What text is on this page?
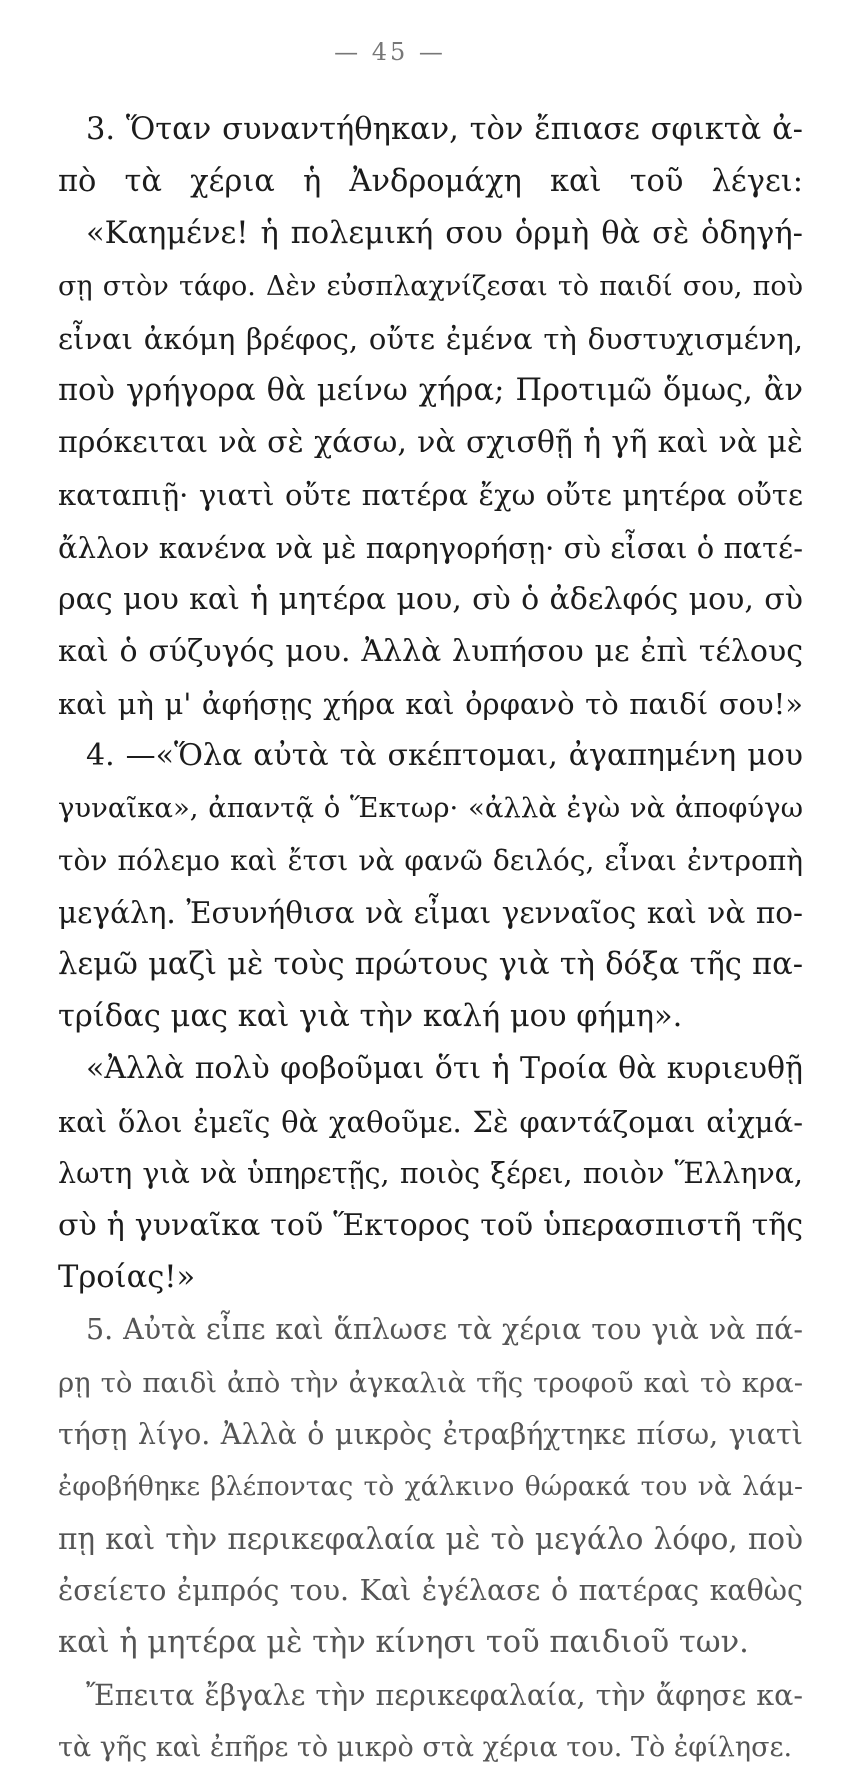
— 45 —
3. Ὅταν συναντήθηκαν, τὸν ἔπιασε σφικτὰ ἀ-
πὸ τὰ χέρια ἡ Ἀνδρομάχη καὶ τοῦ λέγει:
«Καημένε! ἡ πολεμική σου ὁρμὴ θὰ σὲ ὁδηγή-
σῃ στὸν τάφο. Δὲν εὐσπλαχνίζεσαι τὸ παιδί σου, ποὺ
εἶναι ἀκόμη βρέφος, οὔτε ἐμένα τὴ δυστυχισμένη,
ποὺ γρήγορα θὰ μείνω χήρα; Προτιμῶ ὅμως, ἂν
πρόκειται νὰ σὲ χάσω, νὰ σχισθῇ ἡ γῆ καὶ νὰ μὲ
καταπιῇ· γιατὶ οὔτε πατέρα ἔχω οὔτε μητέρα οὔτε
ἄλλον κανένα νὰ μὲ παρηγορήσῃ· σὺ εἶσαι ὁ πατέ-
ρας μου καὶ ἡ μητέρα μου, σὺ ὁ ἀδελφός μου, σὺ
καὶ ὁ σύζυγός μου. Ἀλλὰ λυπήσου με ἐπὶ τέλους
καὶ μὴ μ' ἀφήσῃς χήρα καὶ ὀρφανὸ τὸ παιδί σου!»
4. —«Ὅλα αὐτὰ τὰ σκέπτομαι, ἀγαπημένη μου
γυναῖκα», ἀπαντᾷ ὁ Ἕκτωρ· «ἀλλὰ ἐγὼ νὰ ἀποφύγω
τὸν πόλεμο καὶ ἔτσι νὰ φανῶ δειλός, εἶναι ἐντροπὴ
μεγάλη. Ἐσυνήθισα νὰ εἶμαι γενναῖος καὶ νὰ πο-
λεμῶ μαζὶ μὲ τοὺς πρώτους γιὰ τὴ δόξα τῆς πα-
τρίδας μας καὶ γιὰ τὴν καλή μου φήμη».
«Ἀλλὰ πολὺ φοβοῦμαι ὅτι ἡ Τροία θὰ κυριευθῇ
καὶ ὅλοι ἐμεῖς θὰ χαθοῦμε. Σὲ φαντάζομαι αἰχμά-
λωτη γιὰ νὰ ὑπηρετῇς, ποιὸς ξέρει, ποιὸν Ἕλληνα,
σὺ ἡ γυναῖκα τοῦ Ἕκτορος τοῦ ὑπερασπιστῆ τῆς
Τροίας!»
5. Αὐτὰ εἶπε καὶ ἅπλωσε τὰ χέρια του γιὰ νὰ πά-
ρῃ τὸ παιδὶ ἀπὸ τὴν ἀγκαλιὰ τῆς τροφοῦ καὶ τὸ κρα-
τήσῃ λίγο. Ἀλλὰ ὁ μικρὸς ἐτραβήχτηκε πίσω, γιατὶ
ἐφοβήθηκε βλέποντας τὸ χάλκινο θώρακά του νὰ λάμ-
πῃ καὶ τὴν περικεφαλαία μὲ τὸ μεγάλο λόφο, ποὺ
ἐσείετο ἐμπρός του. Καὶ ἐγέλασε ὁ πατέρας καθὼς
καὶ ἡ μητέρα μὲ τὴν κίνησι τοῦ παιδιοῦ των.
Ἔπειτα ἔβγαλε τὴν περικεφαλαία, τὴν ἄφησε κα-
τὰ γῆς καὶ ἐπῆρε τὸ μικρὸ στὰ χέρια του. Τὸ ἐφίλησε.
